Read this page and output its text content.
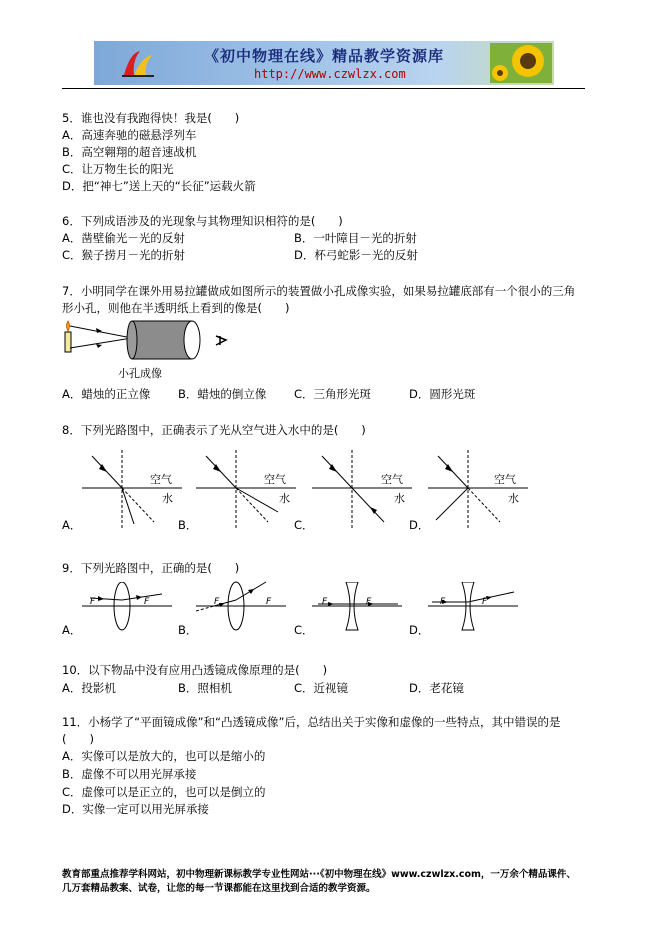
《初中物理在线》精品教学资源库
http://www.czwlzx.com
5．谁也没有我跑得快！我是(　　)
A．高速奔驰的磁悬浮列车
B．高空翱翔的超音速战机
C．让万物生长的阳光
D．把“神七”送上天的“长征”运载火箭
6．下列成语涉及的光现象与其物理知识相符的是(　　)
A．凿壁偷光－光的反射	B．一叶障目－光的折射
C．猴子捞月－光的折射	D．杯弓蛇影－光的反射
7．小明同学在课外用易拉罐做成如图所示的装置做小孔成像实验，如果易拉罐底部有一个很小的三角
形小孔，则他在半透明纸上看到的像是(　　)
小孔成像
A．蜡烛的正立像 B．蜡烛的倒立像 C．三角形光斑	D．圆形光斑
8．下列光路图中，正确表示了光从空气进入水中的是(　　)
空气
水
空气
水
空气
水
空气
水
A．	B．	C．	D．
9．下列光路图中，正确的是(　　)
F	F	F	F	F	F	F	F
A．	B．	C．	D．
10．以下物品中没有应用凸透镜成像原理的是(　　)
A．投影机	B．照相机	C．近视镜	D．老花镜
11．小杨学了“平面镜成像”和“凸透镜成像”后，总结出关于实像和虚像的一些特点，其中错误的是
(　　)
A．实像可以是放大的，也可以是缩小的
B．虚像不可以用光屏承接
C．虚像可以是正立的，也可以是倒立的
D．实像一定可以用光屏承接
教育部重点推荐学科网站，初中物理新课标教学专业性网站···《初中物理在线》www.czwlzx.com，一万余个精品课件、
几万套精品教案、试卷，让您的每一节课都能在这里找到合适的教学资源。
